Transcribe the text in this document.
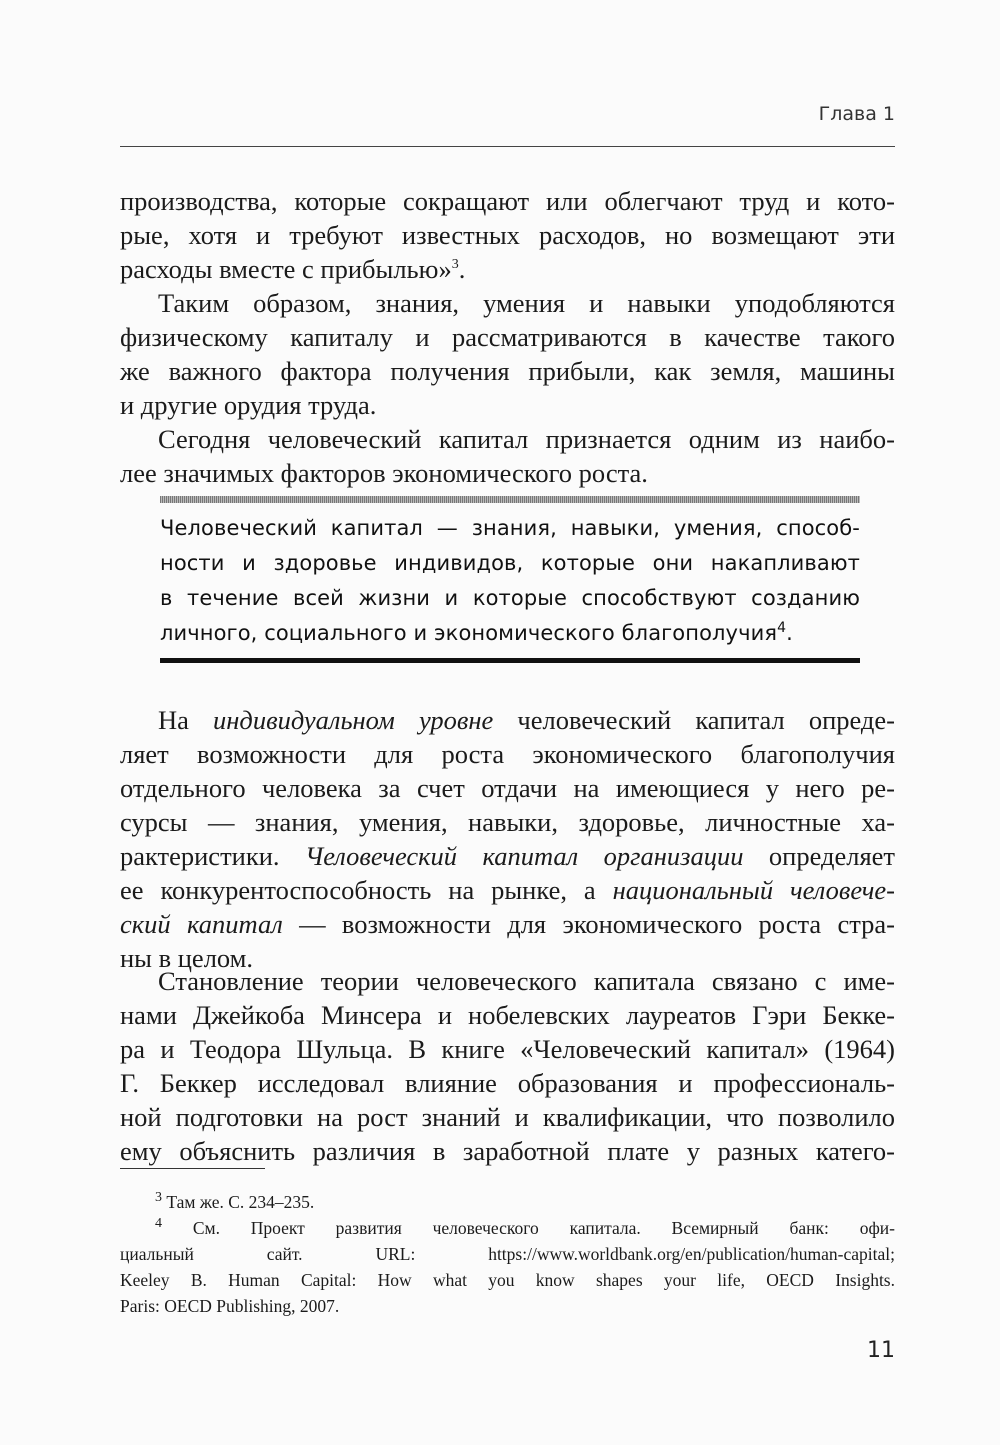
Глава 1
производства, которые сокращают или облегчают труд и кото-
рые, хотя и требуют известных расходов, но возмещают эти
расходы вместе с прибылью»$^3$.
Таким образом, знания, умения и навыки уподобляются
физическому капиталу и рассматриваются в качестве такого
же важного фактора получения прибыли, как земля, машины
и другие орудия труда.
Сегодня человеческий капитал признается одним из наибо-
лее значимых факторов экономического роста.
Человеческий капитал — знания, навыки, умения, способ-
ности и здоровье индивидов, которые они накапливают
в течение всей жизни и которые способствуют созданию
личного, социального и экономического благополучия$^4$.
На индивидуальном уровне человеческий капитал опреде-
ляет возможности для роста экономического благополучия
отдельного человека за счет отдачи на имеющиеся у него ре-
сурсы — знания, умения, навыки, здоровье, личностные ха-
рактеристики. Человеческий капитал организации определяет
ее конкурентоспособность на рынке, а национальный человече-
ский капитал — возможности для экономического роста стра-
ны в целом.
Становление теории человеческого капитала связано с име-
нами Джейкоба Минсера и нобелевских лауреатов Гэри Бекке-
ра и Теодора Шульца. В книге «Человеческий капитал» (1964)
Г. Беккер исследовал влияние образования и профессиональ-
ной подготовки на рост знаний и квалификации, что позволило
ему объяснить различия в заработной плате у разных катего-

$^3$ Там же. С. 234–235.

$^4$ См. Проект развития человеческого капитала. Всемирный банк: офи-
циальный сайт. URL: https://www.worldbank.org/en/publication/human-capital;
Keeley B. Human Capital: How what you know shapes your life, OECD Insights.
Paris: OECD Publishing, 2007.
11
